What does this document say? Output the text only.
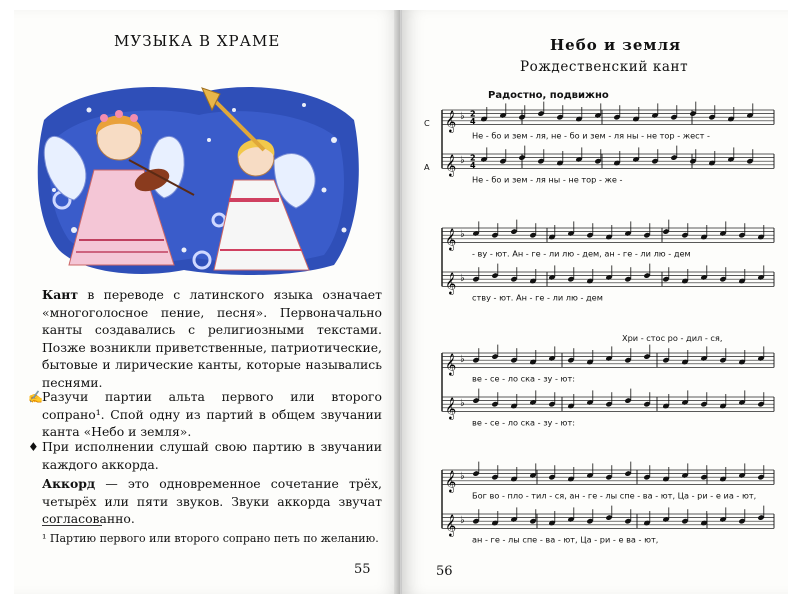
МУЗЫКА В ХРАМЕ
Кант в переводе с латинского языка означает «многоголосное пение, песня». Первоначально канты создавались с религиозными текстами. Позже возникли приветственные, патриотические, бытовые и лирические канты, которые назывались песнями.
✍ Разучи партии альта первого или второго сопрано¹. Спой одну из партий в общем звучании канта «Небо и земля».
♦ При исполнении слушай свою партию в звучании каждого аккорда.
Аккорд — это одновременное сочетание трёх, четырёх или пяти звуков. Звуки аккорда звучат согласованно.
¹ Партию первого или второго сопрано петь по желанию.
55
Небо и земля
Рождественский кант
Радостно, подвижно
С
А
𝄞 ♭ 2
4
𝄞 ♭ 2
4
Не - бо и зем - ля, не - бо и зем - ля ны - не тор - жест -
Не - бо и зем - ля ны - не тор - же -
𝄞 ♭
𝄞 ♭
- ву - ют. Ан - ге - ли лю - дем, ан - ге - ли лю - дем
ству - ют. Ан - ге - ли лю - дем
𝄞 ♭
𝄞 ♭
ве - се - ло ска - зу - ют:
ве - се - ло ска - зу - ют:
Хри - стос ро - дил - ся,
𝄞 ♭
𝄞 ♭
Бог во - пло - тил - ся, ан - ге - лы спе - ва - ют, Ца - ри - е иа - ют,
ан - ге - лы спе - ва - ют, Ца - ри - е ва - ют,
56
